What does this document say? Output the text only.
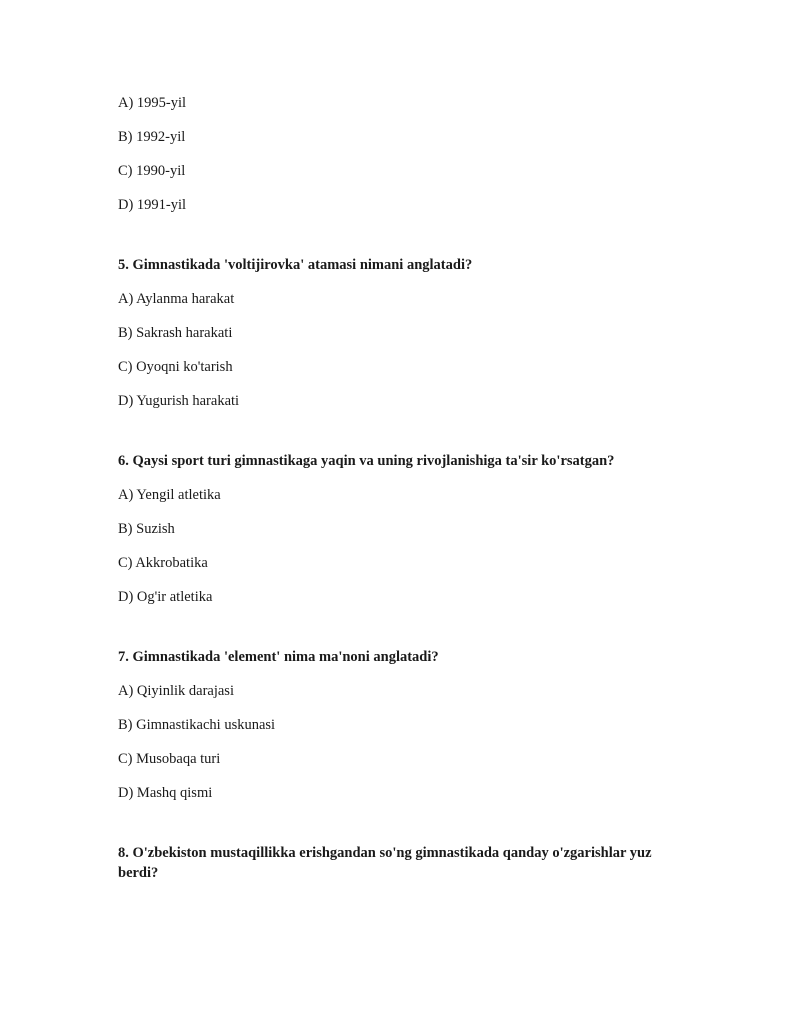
A) 1995-yil
B) 1992-yil
C) 1990-yil
D) 1991-yil
5. Gimnastikada 'voltijirovka' atamasi nimani anglatadi?
A) Aylanma harakat
B) Sakrash harakati
C) Oyoqni ko'tarish
D) Yugurish harakati
6. Qaysi sport turi gimnastikaga yaqin va uning rivojlanishiga ta'sir ko'rsatgan?
A) Yengil atletika
B) Suzish
C) Akkrobatika
D) Og'ir atletika
7. Gimnastikada 'element' nima ma'noni anglatadi?
A) Qiyinlik darajasi
B) Gimnastikachi uskunasi
C) Musobaqa turi
D) Mashq qismi
8. O'zbekiston mustaqillikka erishgandan so'ng gimnastikada qanday o'zgarishlar yuz berdi?
